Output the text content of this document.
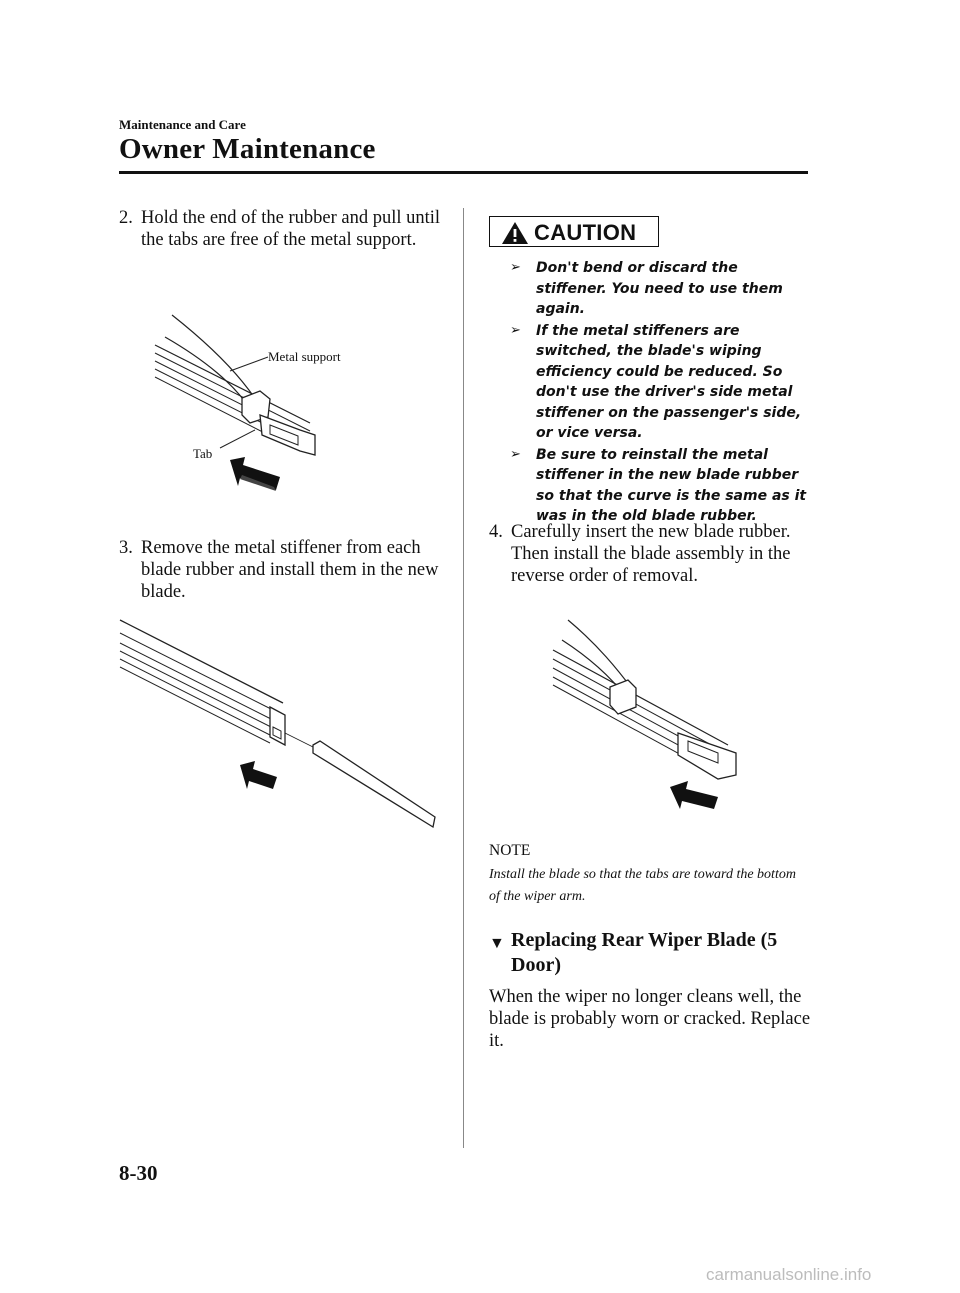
Maintenance and Care
Owner Maintenance
2. Hold the end of the rubber and pull until the tabs are free of the metal support.
Metal support
Tab
3. Remove the metal stiffener from each blade rubber and install them in the new blade.
CAUTION
➢ Don't bend or discard the stiffener. You need to use them again.
➢ If the metal stiffeners are switched, the blade's wiping efficiency could be reduced. So don't use the driver's side metal stiffener on the passenger's side, or vice versa.
➢ Be sure to reinstall the metal stiffener in the new blade rubber so that the curve is the same as it was in the old blade rubber.
4. Carefully insert the new blade rubber. Then install the blade assembly in the reverse order of removal.
NOTE
Install the blade so that the tabs are toward the bottom of the wiper arm.
▼ Replacing Rear Wiper Blade (5 Door)
When the wiper no longer cleans well, the blade is probably worn or cracked. Replace it.
8-30
carmanualsonline.info
